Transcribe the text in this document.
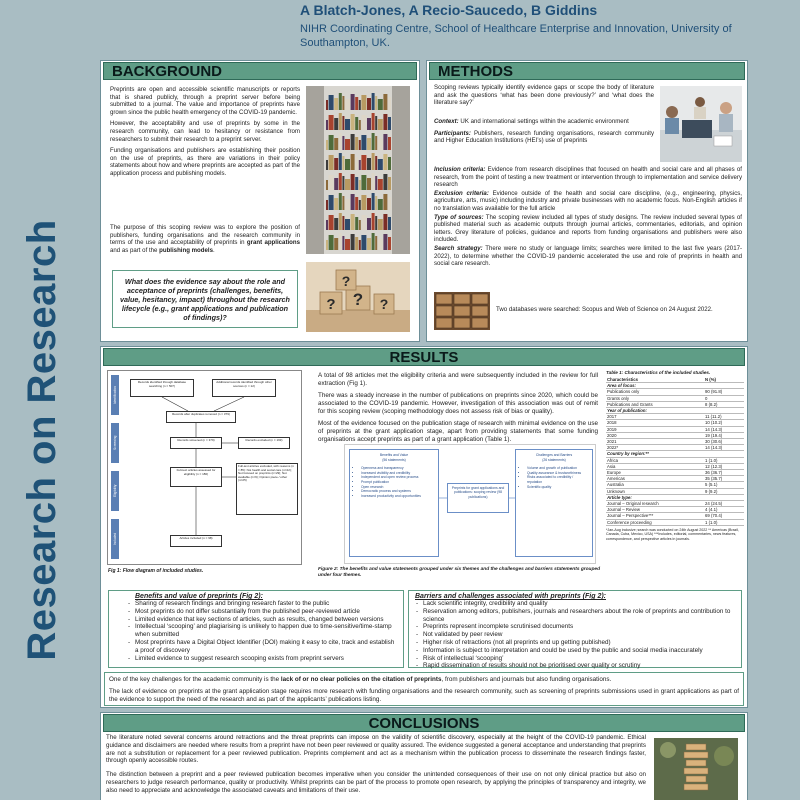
Research on Research
A Blatch-Jones, A Recio-Saucedo, B Giddins
NIHR Coordinating Centre, School of Healthcare Enterprise and Innovation, University of Southampton, UK.
BACKGROUND

Preprints are open and accessible scientific manuscripts or reports that is shared publicly, through a preprint server before being submitted to a journal. The value and importance of preprints have grown since the public health emergency of the COVID-19 pandemic.

However, the acceptability and use of preprints by some in the research community, can lead to hesitancy or resistance from researchers to submit their research to a preprint server.

Funding organisations and publishers are establishing their position on the use of preprints, as there are variations in their policy statements about how and where preprints are accepted as part of the application process and publishing models.

The purpose of this scoping review was to explore the position of publishers, funding organisations and the research community in terms of the use and acceptability of preprints in grant applications and as part of the publishing models.
What does the evidence say about the role and acceptance of preprints (challenges, benefits, value, hesitancy, impact) throughout the research lifecycle (e.g., grant applications and publication of findings)?
? ? ?
?
METHODS
Scoping reviews typically identify evidence gaps or scope the body of literature and ask the questions ‘what has been done previously?’ and ‘what does the literature say?’

Context: UK and international settings within the academic environment

Participants: Publishers, research funding organisations, research community and Higher Education Institutions (HEI’s) use of preprints

Inclusion criteria: Evidence from research disciplines that focused on health and social care and all phases of research, from the point of testing a new treatment or intervention through to implementation and service delivery research

Exclusion criteria: Evidence outside of the health and social care discipline, (e.g., engineering, physics, agriculture, arts, music) including industry and private businesses with no academic focus. Non-English articles if no translation was available for the full article

Type of sources: The scoping review included all types of study designs. The review included several types of published material such as academic outputs through journal articles, commentaries, editorials, and opinion letters. Grey literature of policies, guidance and reports from funding organisations and publishers were also included.

Search strategy: There were no study or language limits; searches were limited to the last five years (2017-2022), to determine whether the COVID-19 pandemic accelerated the use and role of preprints in health and social care research.

Two databases were searched: Scopus and Web of Science on 24 August 2022.
RESULTS
Identification
Screening
Eligibility
Included
Records identified through database searching (n = 507)
Additional records identified through other sources (n = 12)
Records after duplicates removed (n = 379)
Records screened (n = 379)	Records excluded (n = 199)
Full-text articles assessed for eligibility (n = 180)
Full-text articles excluded, with reasons (n = 85): Not health and social care (n=22); Not focused on preprints (n=29); Not available (n=9); Opinion piece / other (n=25)
Articles included (n = 98)
Fig 1: Flow diagram of included studies.

A total of 98 articles met the eligibility criteria and were subsequently included in the review for full extraction (Fig 1).

There was a steady increase in the number of publications on preprints since 2020, which could be associated to the COVID-19 pandemic. However, investigation of this association was out of remit for this scoping review (scoping methodology does not assess risk of bias or quality).

Most of the evidence focused on the publication stage of research with minimal evidence on the use of preprints at the grant application stage, apart from providing statements that some funding organisations accept preprints as part of a grant application (Table 1).

Benefits and Value
(56 statements)
• Openness and transparency
• Increased visibility and credibility
• Independent and open review process
• Prompt publication
• Open research
• Democratic process and systems
• Increased productivity and opportunities
Preprints for grant applications and publications: scoping review (98 publications)
Challenges and Barriers
(26 statements)
• Volume and growth of publication
• Quality assurance & trustworthiness
• Risks associated to credibility / reputation
• Scientific quality
Figure 2: The benefits and value statements grouped under six themes and the challenges and barriers statements grouped under four themes.
Table 1: Characteristics of the included studies.
Characteristics	N (%)
Area of focus:	
Publications only	90 (91.8)
Grants only	0
Publications and Grants	8 (8.2)
Year of publication:	
2017	11 (11.2)
2018	10 (10.2)
2019	14 (14.3)
2020	19 (19.4)
2021	30 (30.6)
2022*	14 (14.3)
Country by region:**	
Africa	1 (1.0)
Asia	12 (12.3)
Europe	36 (36.7)
Americas	35 (35.7)
Australia	5 (5.1)
Unknown	9 (9.2)
Article type:	
Journal – Original research	24 (24.5)
Journal – Review	4 (4.1)
Journal – Perspective***	69 (70.4)
Conference proceeding	1 (1.0)
*Jan-Aug inclusive; search was conducted on 24th August 2022 ** Americas (Brazil, Canada, Cuba, Mexico, USA) ***Includes, editorial, commentaries, news features, correspondence, and perspective articles in journals.
Benefits and value of preprints (Fig 2):
- Sharing of research findings and bringing research faster to the public
- Most preprints do not differ substantially from the published peer-reviewed article
- Limited evidence that key sections of articles, such as results, changed between versions
- Intellectual ‘scooping’ and plagiarising is unlikely to happen due to time-sensitive/time-stamp when submitted
- Most preprints have a Digital Object Identifier (DOI) making it easy to cite, track and establish a proof of discovery
- Limited evidence to suggest research scooping exists from preprint servers
Barriers and challenges associated with preprints (Fig 2):
- Lack scientific integrity, credibility and quality
- Reservation among editors, publishers, journals and researchers about the role of preprints and contribution to science
- Preprints represent incomplete scrutinised documents
- Not validated by peer review
- Higher risk of retractions (not all preprints end up getting published)
- Information is subject to interpretation and could be used by the public and social media inaccurately
- Risk of intellectual ‘scooping’
- Rapid dissemination of results should not be prioritised over quality or scrutiny

One of the key challenges for the academic community is the lack of or no clear policies on the citation of preprints, from publishers and journals but also funding organisations.

The lack of evidence on preprints at the grant application stage requires more research with funding organisations and the research community, such as screening of preprints submissions used in grant applications as part of the evidence to support the need of the research and as part of the applicants’ publications listing.

CONCLUSIONS

The literature noted several concerns around retractions and the threat preprints can impose on the validity of scientific discovery, especially at the height of the COVID-19 pandemic. Ethical guidance and disclaimers are needed where results from a preprint have not been peer reviewed or quality assured. The evidence suggested a general acceptance and understanding that preprints are not a substitution or replacement for a peer reviewed publication. Preprints complement and act as a mechanism within the publication process to disseminate the research findings faster, through openly accessible routes.

The distinction between a preprint and a peer reviewed publication becomes imperative when you consider the unintended consequences of their use on not only clinical practice but also on researchers to judge research performance, quality or productivity. Whilst preprints can be part of the process to promote open research, by applying the principles of transparency and integrity, we also need to appreciate and acknowledge the associated caveats and limitations of their use.
